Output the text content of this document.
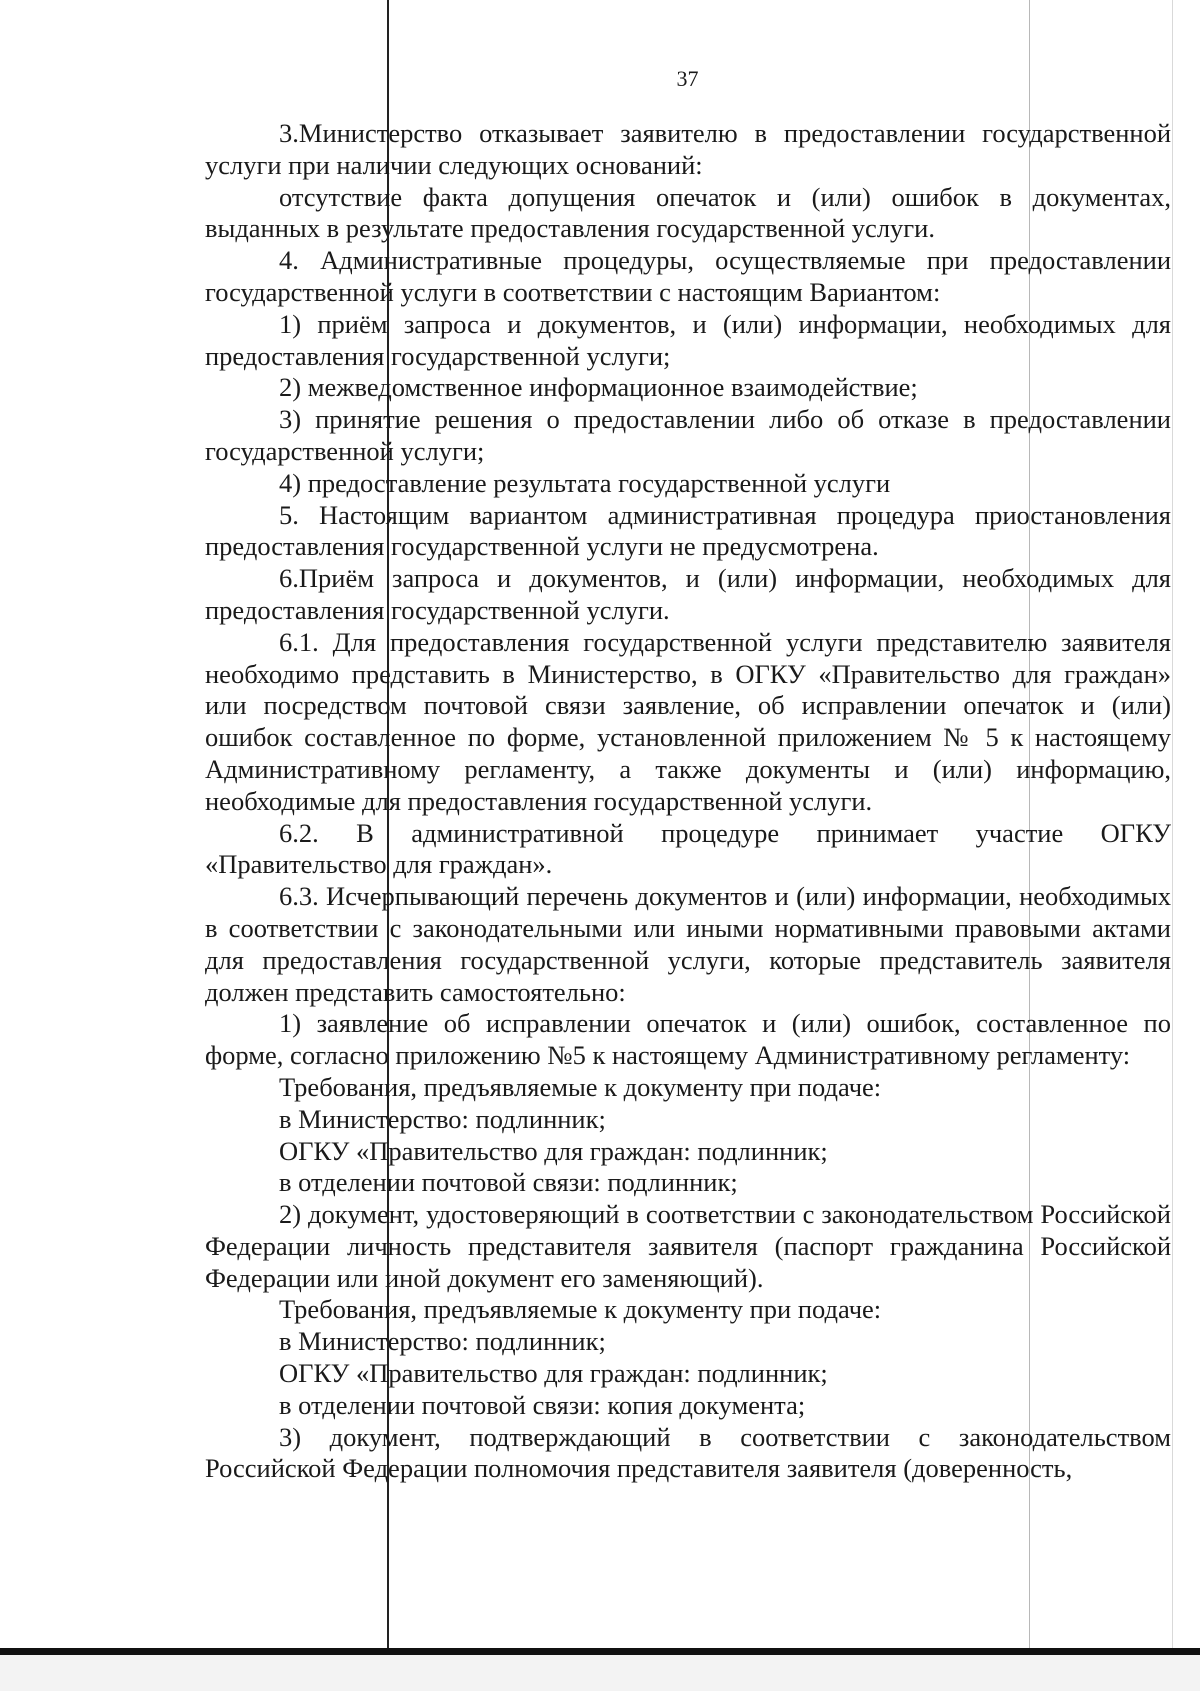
37

3.Министерство отказывает заявителю в предоставлении государственной услуги при наличии следующих оснований:

отсутствие факта допущения опечаток и (или) ошибок в документах, выданных в результате предоставления государственной услуги.

4. Административные процедуры, осуществляемые при предоставлении государственной услуги в соответствии с настоящим Вариантом:

1) приём запроса и документов, и (или) информации, необходимых для предоставления государственной услуги;

2) межведомственное информационное взаимодействие;

3) принятие решения о предоставлении либо об отказе в предоставлении государственной услуги;

4) предоставление результата государственной услуги

5. Настоящим вариантом административная процедура приостановления предоставления государственной услуги не предусмотрена.

6.Приём запроса и документов, и (или) информации, необходимых для предоставления государственной услуги.

6.1. Для предоставления государственной услуги представителю заявителя необходимо представить в Министерство, в ОГКУ «Правительство для граждан» или посредством почтовой связи заявление, об исправлении опечаток и (или) ошибок составленное по форме, установленной приложением № 5 к настоящему Административному регламенту, а также документы и (или) информацию, необходимые для предоставления государственной услуги.

6.2. В административной процедуре принимает участие ОГКУ «Правительство для граждан».

6.3. Исчерпывающий перечень документов и (или) информации, необходимых в соответствии с законодательными или иными нормативными правовыми актами для предоставления государственной услуги, которые представитель заявителя должен представить самостоятельно:

1) заявление об исправлении опечаток и (или) ошибок, составленное по форме, согласно приложению №5 к настоящему Административному регламенту:

Требования, предъявляемые к документу при подаче:

в Министерство: подлинник;

ОГКУ «Правительство для граждан: подлинник;

в отделении почтовой связи: подлинник;

2) документ, удостоверяющий в соответствии с законодательством Российской Федерации личность представителя заявителя (паспорт гражданина Российской Федерации или иной документ его заменяющий).

Требования, предъявляемые к документу при подаче:

в Министерство: подлинник;

ОГКУ «Правительство для граждан: подлинник;

в отделении почтовой связи: копия документа;

3) документ, подтверждающий в соответствии с законодательством Российской Федерации полномочия представителя заявителя (доверенность,
